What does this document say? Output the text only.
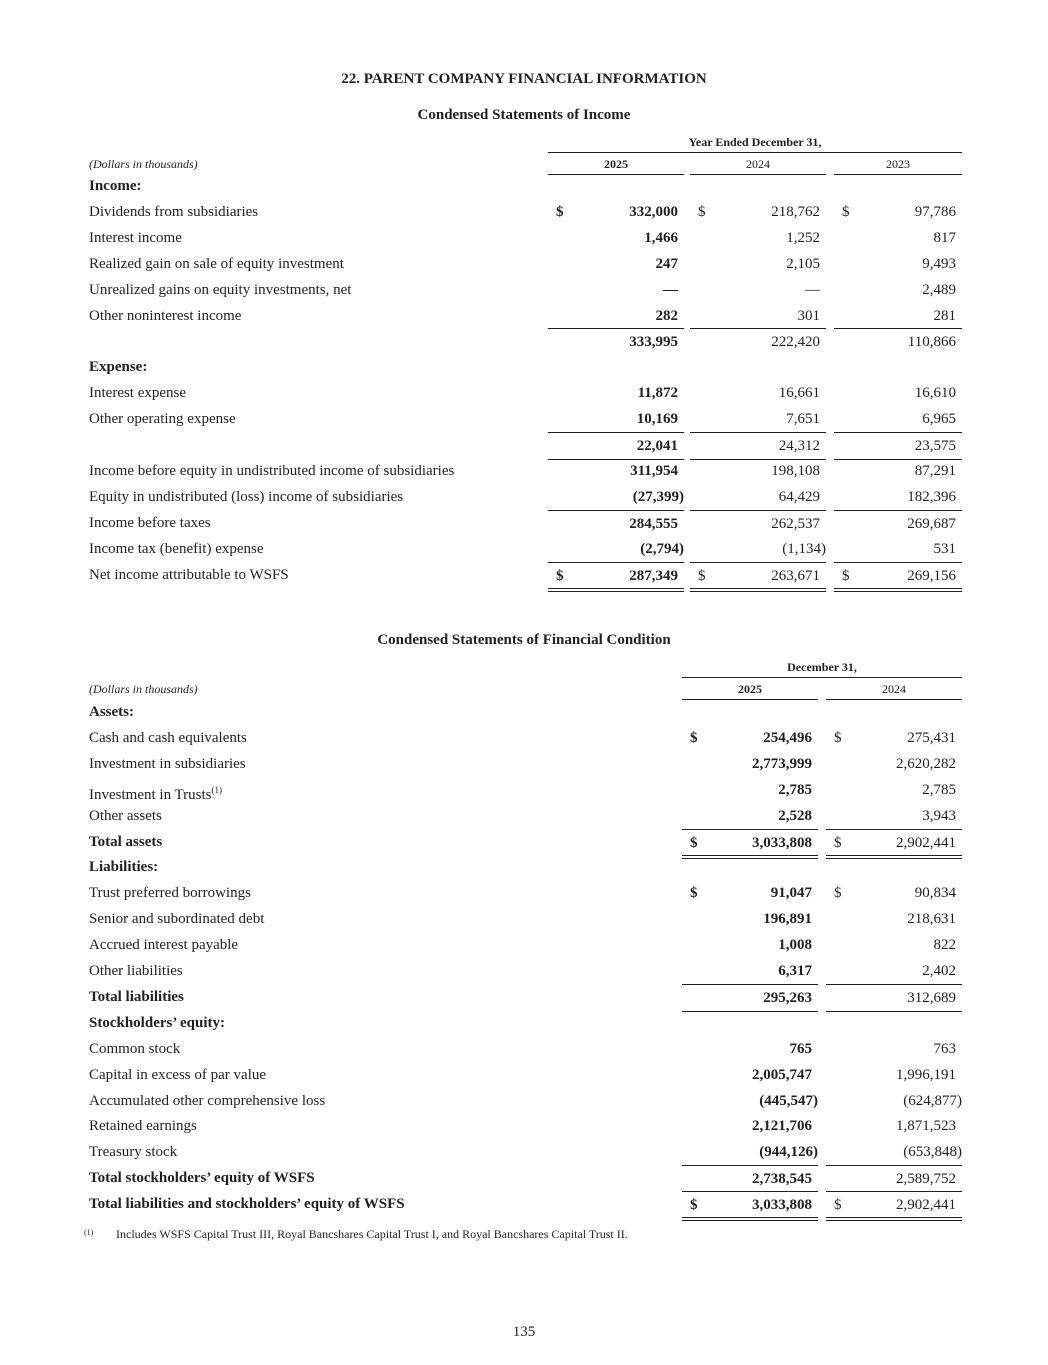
22. PARENT COMPANY FINANCIAL INFORMATION
Condensed Statements of Income
Year Ended December 31,
(Dollars in thousands)	2025	2024	2023
Income:
Dividends from subsidiaries	$	332,000 $	218,762 $	97,786
Interest income	1,466	1,252	817
Realized gain on sale of equity investment	247	2,105	9,493
Unrealized gains on equity investments, net	—	—	2,489
Other noninterest income	282	301	281
333,995	222,420	110,866
Expense:
Interest expense	11,872	16,661	16,610
Other operating expense	10,169	7,651	6,965
22,041	24,312	23,575
Income before equity in undistributed income of subsidiaries	311,954	198,108	87,291
Equity in undistributed (loss) income of subsidiaries	(27,399)	64,429	182,396
Income before taxes	284,555	262,537	269,687
Income tax (benefit) expense	(2,794)	(1,134)	531
Net income attributable to WSFS	$	287,349 $	263,671 $	269,156
Condensed Statements of Financial Condition
December 31,
(Dollars in thousands)	2025	2024
Assets:
Cash and cash equivalents	$	254,496 $	275,431
Investment in subsidiaries	2,773,999	2,620,282
Investment in Trusts$^{(1)}$	2,785	2,785
Other assets	2,528	3,943
Total assets	$	3,033,808 $	2,902,441
Liabilities:
Trust preferred borrowings	$	91,047 $	90,834
Senior and subordinated debt	196,891	218,631
Accrued interest payable	1,008	822
Other liabilities	6,317	2,402
Total liabilities	295,263	312,689
Stockholders’ equity:
Common stock	765	763
Capital in excess of par value	2,005,747	1,996,191
Accumulated other comprehensive loss	(445,547)	(624,877)
Retained earnings	2,121,706	1,871,523
Treasury stock	(944,126)	(653,848)
Total stockholders’ equity of WSFS	2,738,545	2,589,752
Total liabilities and stockholders’ equity of WSFS	$	3,033,808 $	2,902,441
(1) Includes WSFS Capital Trust III, Royal Bancshares Capital Trust I, and Royal Bancshares Capital Trust II.
135
